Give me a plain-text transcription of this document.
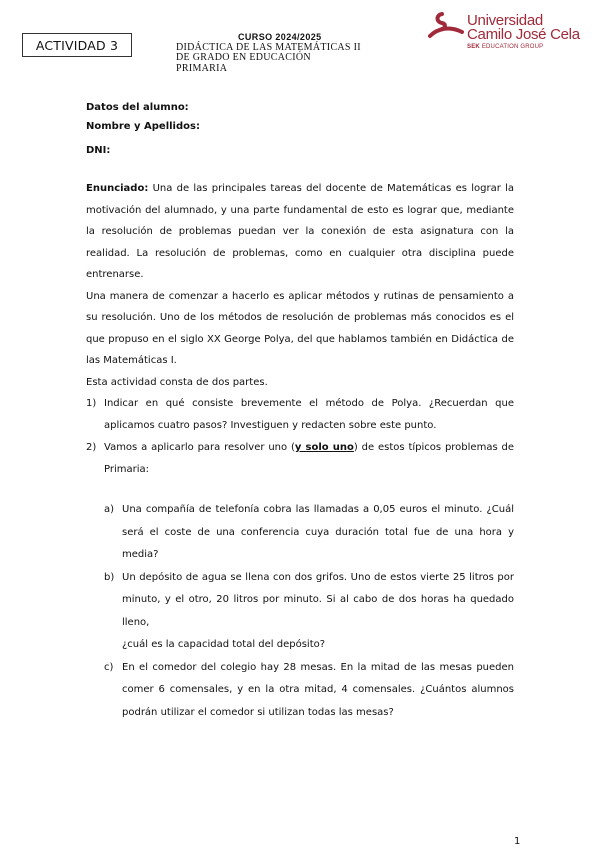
ACTIVIDAD 3
CURSO 2024/2025
DIDÁCTICA DE LAS MATEMÁTICAS II
DE GRADO EN EDUCACIÓN
PRIMARIA
Universidad
Camilo José Cela
SEK EDUCATION GROUP

Datos del alumno:

Nombre y Apellidos:

DNI:

Enunciado: Una de las principales tareas del docente de Matemáticas es lograr la motivación del alumnado, y una parte fundamental de esto es lograr que, mediante la resolución de problemas puedan ver la conexión de esta asignatura con la realidad. La resolución de problemas, como en cualquier otra disciplina puede entrenarse.

Una manera de comenzar a hacerlo es aplicar métodos y rutinas de pensamiento a su resolución. Uno de los métodos de resolución de problemas más conocidos es el que propuso en el siglo XX George Polya, del que hablamos también en Didáctica de las Matemáticas I.

Esta actividad consta de dos partes.

1) Indicar en qué consiste brevemente el método de Polya. ¿Recuerdan que aplicamos cuatro pasos? Investiguen y redacten sobre este punto.
2) Vamos a aplicarlo para resolver uno (y solo uno) de estos típicos problemas de Primaria:
a) Una compañía de telefonía cobra las llamadas a 0,05 euros el minuto. ¿Cuál será el coste de una conferencia cuya duración total fue de una hora y media?
b) Un depósito de agua se llena con dos grifos. Uno de estos vierte 25 litros por minuto, y el otro, 20 litros por minuto. Si al cabo de dos horas ha quedado lleno,
¿cuál es la capacidad total del depósito?
c) En el comedor del colegio hay 28 mesas. En la mitad de las mesas pueden comer 6 comensales, y en la otra mitad, 4 comensales. ¿Cuántos alumnos podrán utilizar el comedor si utilizan todas las mesas?
1
